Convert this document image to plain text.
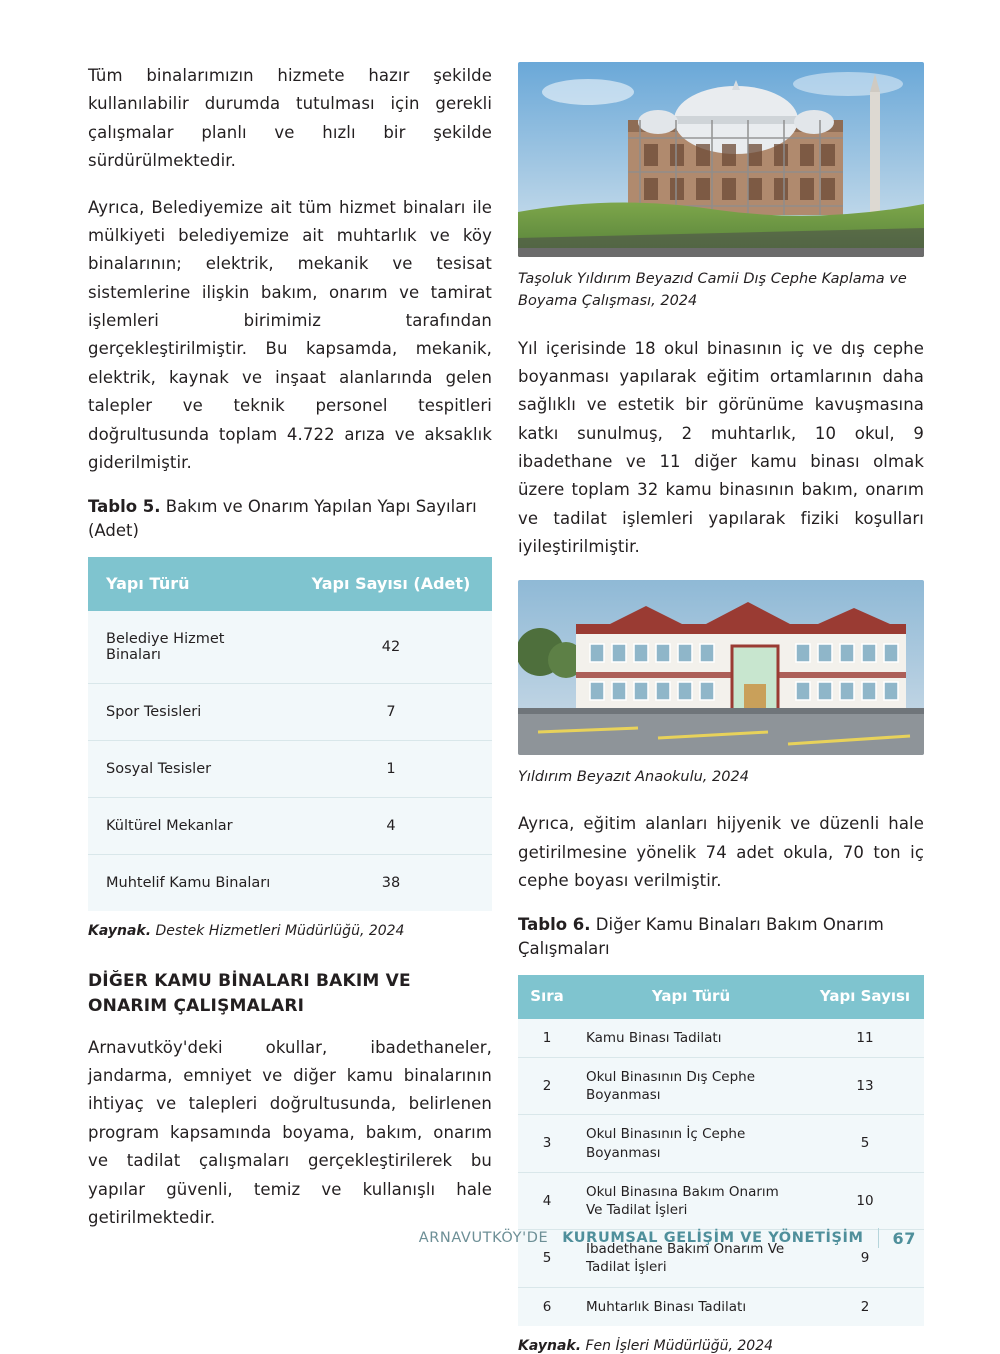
Tüm binalarımızın hizmete hazır şekilde kullanılabilir durumda tutulması için gerekli çalışmalar planlı ve hızlı bir şekilde sürdürülmektedir.

Ayrıca, Belediyemize ait tüm hizmet binaları ile mülkiyeti belediyemize ait muhtarlık ve köy binalarının; elektrik, mekanik ve tesisat sistemlerine ilişkin bakım, onarım ve tamirat işlemleri birimimiz tarafından gerçekleştirilmiştir. Bu kapsamda, mekanik, elektrik, kaynak ve inşaat alanlarında gelen talepler ve teknik personel tespitleri doğrultusunda toplam 4.722 arıza ve aksaklık giderilmiştir.

Tablo 5. Bakım ve Onarım Yapılan Yapı Sayıları (Adet)
Yapı Türü	Yapı Sayısı (Adet)
Belediye Hizmet Binaları	42
Spor Tesisleri	7
Sosyal Tesisler	1
Kültürel Mekanlar	4
Muhtelif Kamu Binaları	38

Kaynak. Destek Hizmetleri Müdürlüğü, 2024

DİĞER KAMU BİNALARI BAKIM VE ONARIM ÇALIŞMALARI

Arnavutköy'deki okullar, ibadethaneler, jandarma, emniyet ve diğer kamu binalarının ihtiyaç ve talepleri doğrultusunda, belirlenen program kapsamında boyama, bakım, onarım ve tadilat çalışmaları gerçekleştirilerek bu yapılar güvenli, temiz ve kullanışlı hale getirilmektedir.

Taşoluk Yıldırım Beyazıd Camii Dış Cephe Kaplama ve Boyama Çalışması, 2024

Yıl içerisinde 18 okul binasının iç ve dış cephe boyanması yapılarak eğitim ortamlarının daha sağlıklı ve estetik bir görünüme kavuşmasına katkı sunulmuş, 2 muhtarlık, 10 okul, 9 ibadethane ve 11 diğer kamu binası olmak üzere toplam 32 kamu binasının bakım, onarım ve tadilat işlemleri yapılarak fiziki koşulları iyileştirilmiştir.

Yıldırım Beyazıt Anaokulu, 2024

Ayrıca, eğitim alanları hijyenik ve düzenli hale getirilmesine yönelik 74 adet okula, 70 ton iç cephe boyası verilmiştir.

Tablo 6. Diğer Kamu Binaları Bakım Onarım Çalışmaları
Sıra	Yapı Türü	Yapı Sayısı
1	Kamu Binası Tadilatı	11
2	Okul Binasının Dış Cephe Boyanması	13
3	Okul Binasının İç Cephe Boyanması	5
4	Okul Binasına Bakım Onarım Ve Tadilat İşleri	10
5	İbadethane Bakım Onarım Ve Tadilat İşleri	9
6	Muhtarlık Binası Tadilatı	2

Kaynak. Fen İşleri Müdürlüğü, 2024

ARNAVUTKÖY'DE KURUMSAL GELİŞİM VE YÖNETİŞİM 67
